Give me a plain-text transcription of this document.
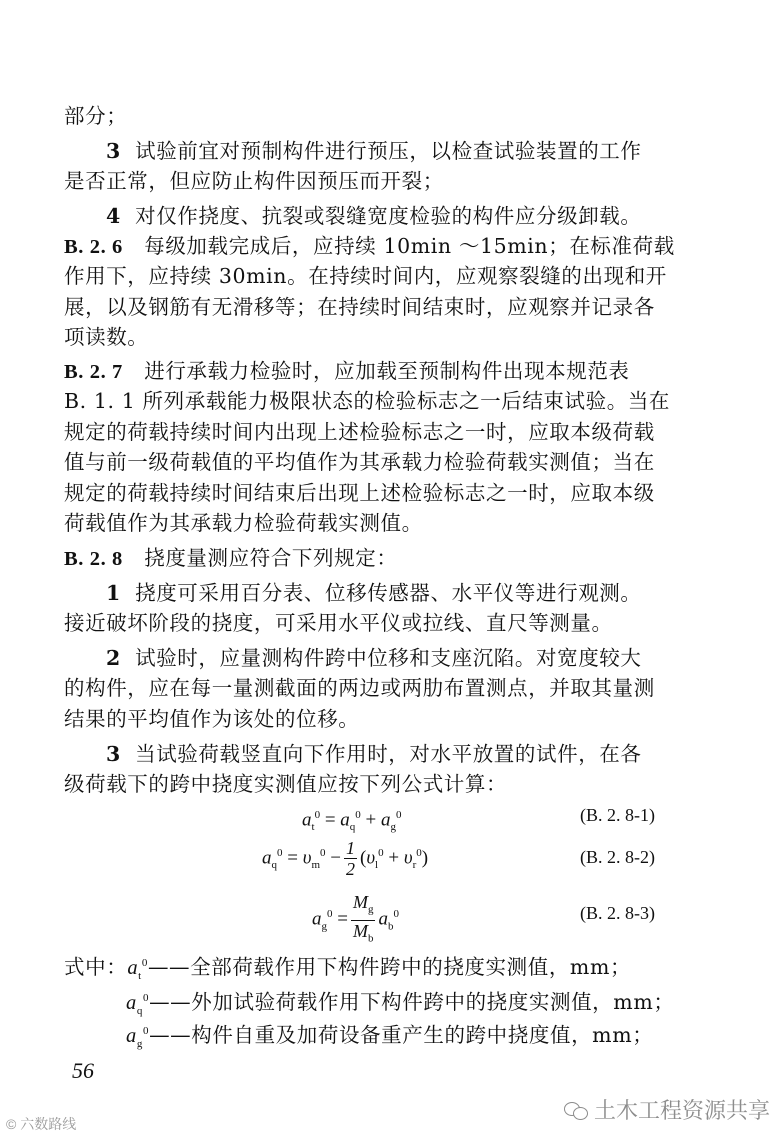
部分；
3 试验前宜对预制构件进行预压，以检查试验装置的工作
是否正常，但应防止构件因预压而开裂；
4 对仅作挠度、抗裂或裂缝宽度检验的构件应分级卸载。
B. 2. 6 每级加载完成后，应持续 10min ～15min；在标准荷载
作用下，应持续 30min。在持续时间内，应观察裂缝的出现和开
展，以及钢筋有无滑移等；在持续时间结束时，应观察并记录各
项读数。
B. 2. 7 进行承载力检验时，应加载至预制构件出现本规范表
B. 1. 1 所列承载能力极限状态的检验标志之一后结束试验。当在
规定的荷载持续时间内出现上述检验标志之一时，应取本级荷载
值与前一级荷载值的平均值作为其承载力检验荷载实测值；当在
规定的荷载持续时间结束后出现上述检验标志之一时，应取本级
荷载值作为其承载力检验荷载实测值。
B. 2. 8 挠度量测应符合下列规定：
1 挠度可采用百分表、位移传感器、水平仪等进行观测。
接近破坏阶段的挠度，可采用水平仪或拉线、直尺等测量。
2 试验时，应量测构件跨中位移和支座沉陷。对宽度较大
的构件，应在每一量测截面的两边或两肋布置测点，并取其量测
结果的平均值作为该处的位移。
3 当试验荷载竖直向下作用时，对水平放置的试件，在各
级荷载下的跨中挠度实测值应按下列公式计算：
$a_t^0 = a_q^0 + a_g^0$	(B. 2. 8-1)
$a_q^0 = \upsilon_m^0 - \frac{1}{2} (\upsilon_l^0 + \upsilon_r^0)$	(B. 2. 8-2)
$a_g^0 = \frac{M_g}{M_b} a_b^0$	(B. 2. 8-3)
式中：$a_t^0——$全部荷载作用下构件跨中的挠度实测值，mm；
$a_q^0——$外加试验荷载作用下构件跨中的挠度实测值，mm；
$a_g^0——$构件自重及加荷设备重产生的跨中挠度值，mm；
56
© 六数路线
土木工程资源共享
